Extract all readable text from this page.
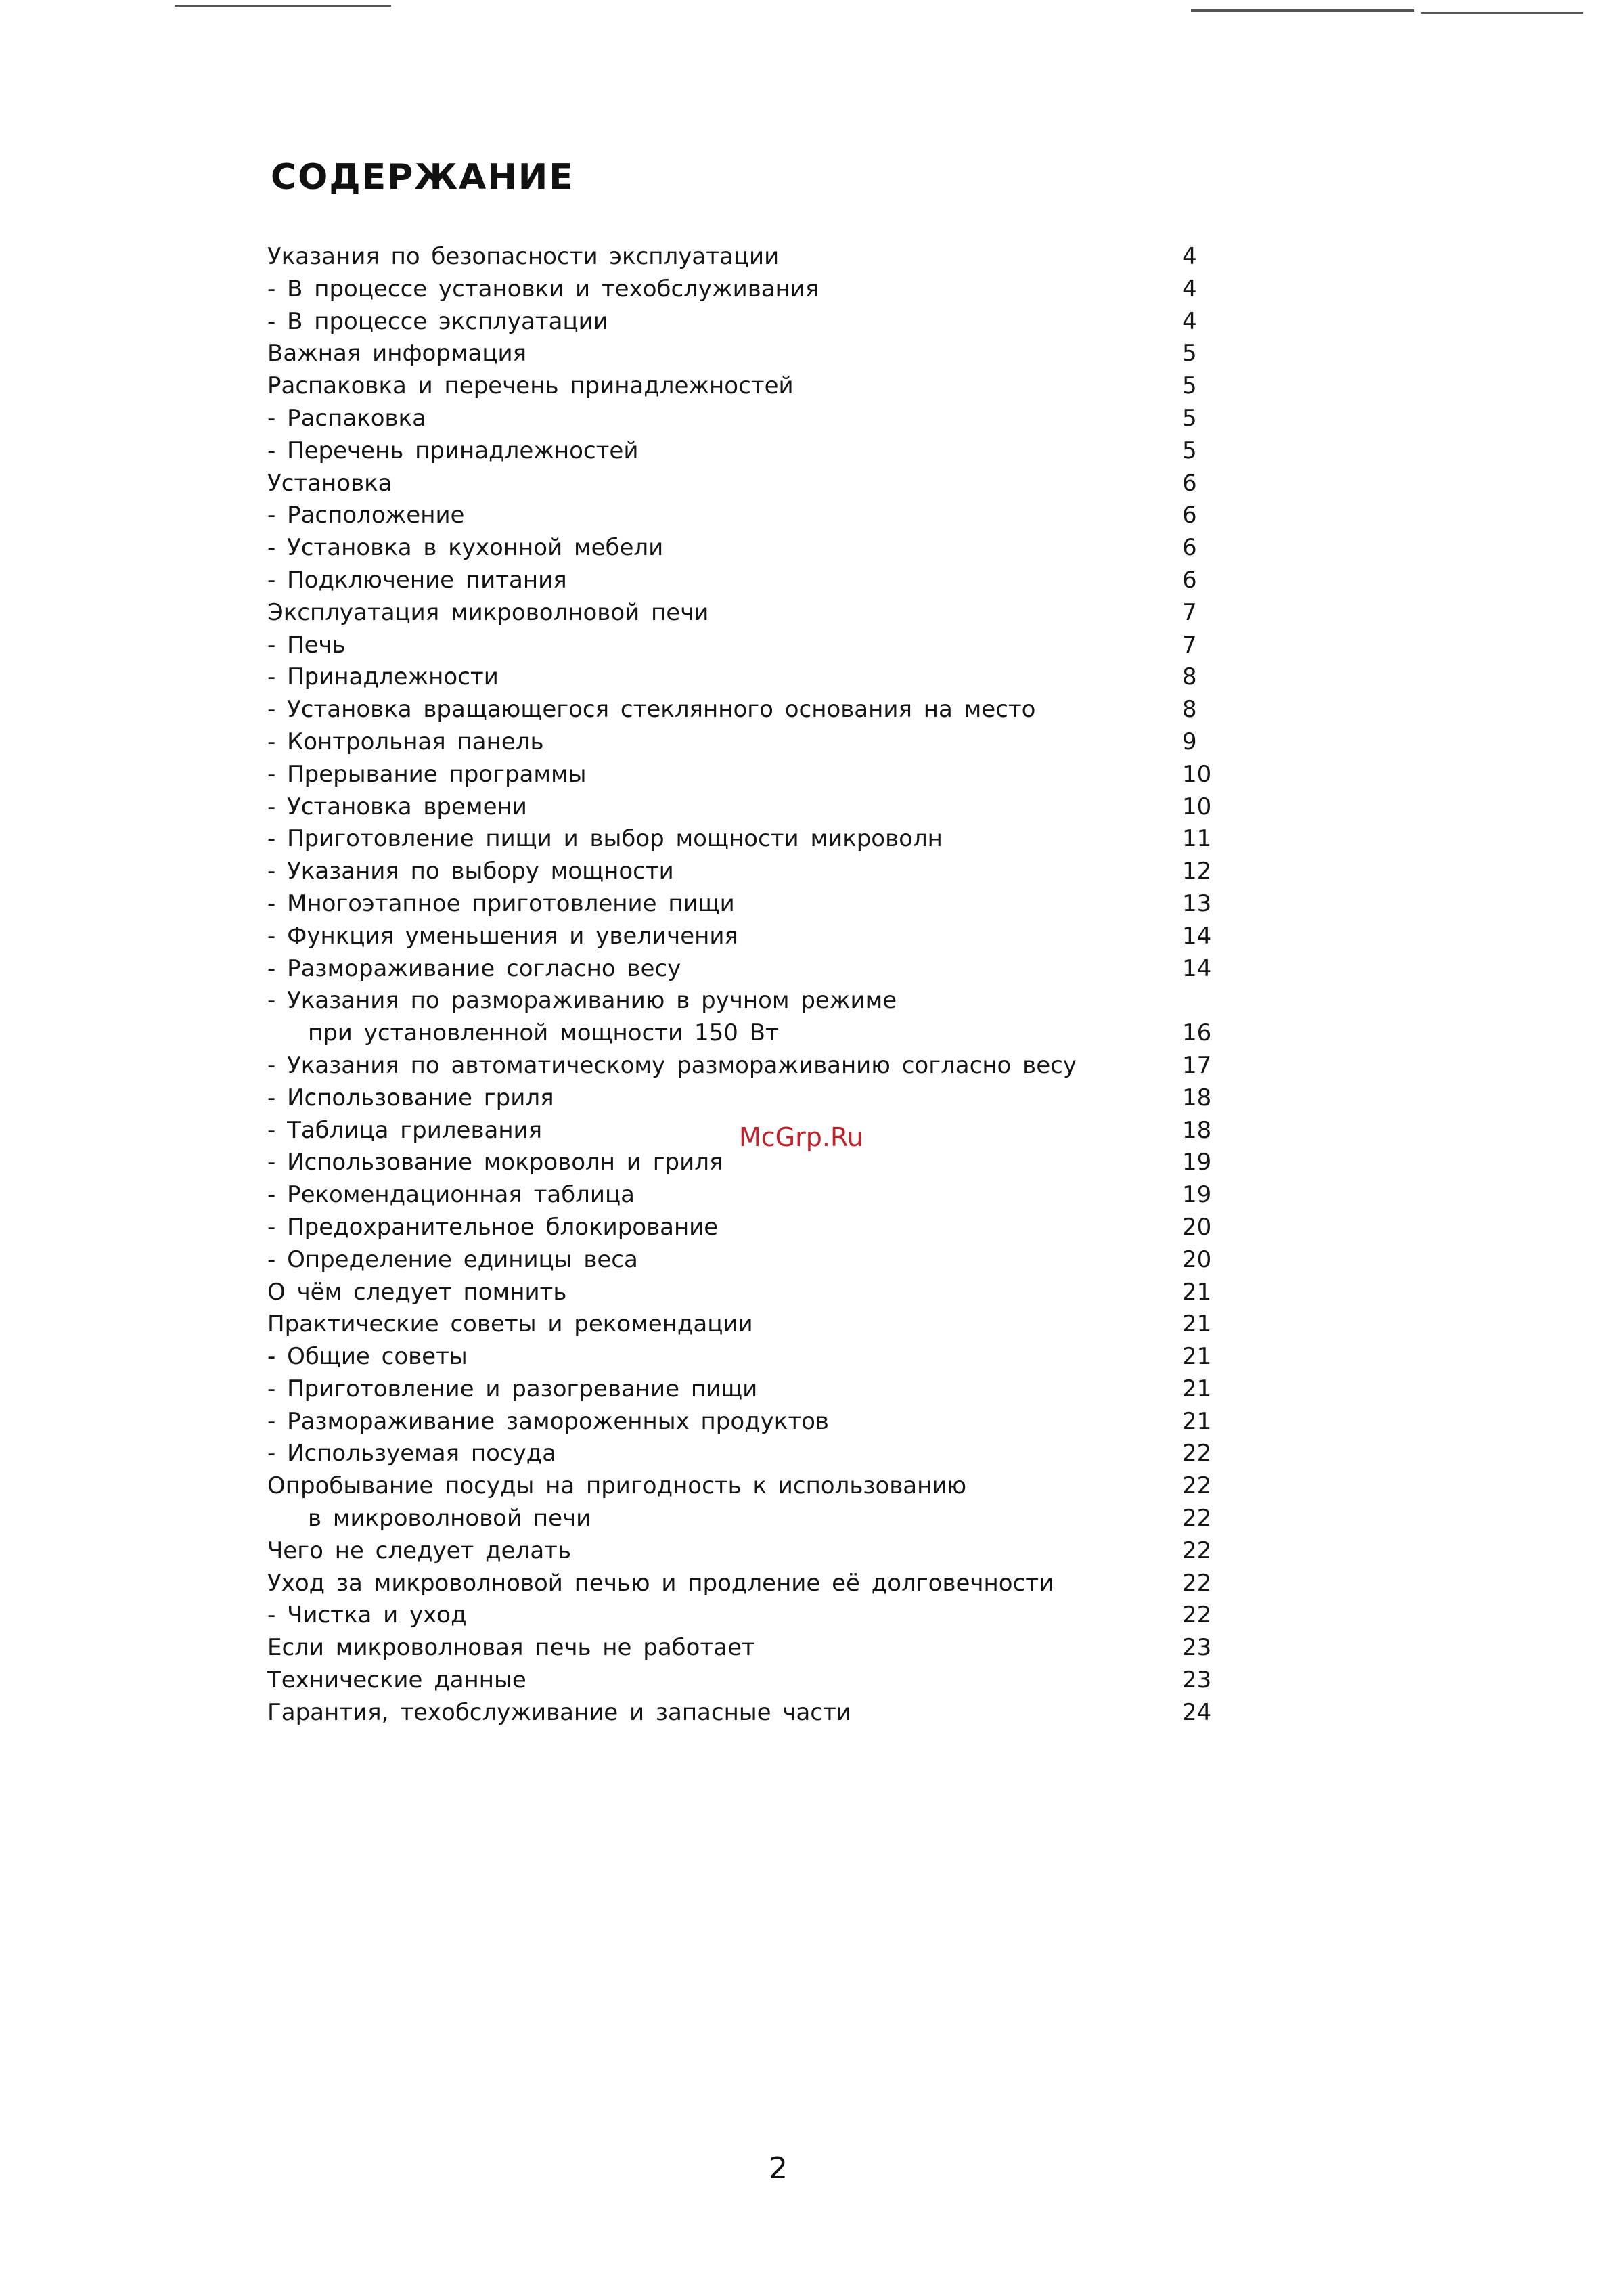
СОДЕРЖАНИЕ
Указания по безопасности эксплуатации	4
- В процессе установки и техобслуживания	4
- В процессе эксплуатации	4
Важная информация	5
Распаковка и перечень принадлежностей	5
- Распаковка	5
- Перечень принадлежностей	5
Установка	6
- Расположение	6
- Установка в кухонной мебели	6
- Подключение питания	6
Эксплуатация микроволновой печи	7
- Печь	7
- Принадлежности	8
- Установка вращающегося стеклянного основания на место	8
- Контрольная панель	9
- Прерывание программы	10
- Установка времени	10
- Приготовление пищи и выбор мощности микроволн	11
- Указания по выбору мощности	12
- Многоэтапное приготовление пищи	13
- Функция уменьшения и увеличения	14
- Размораживание согласно весу	14
- Указания по размораживанию в ручном режиме
при установленной мощности 150 Вт	16
- Указания по автоматическому размораживанию согласно весу	17
- Использование гриля	18
- Таблица грилевания	18
- Использование мокроволн и гриля	19
- Рекомендационная таблица	19
- Предохранительное блокирование	20
- Определение единицы веса	20
О чём следует помнить	21
Практические советы и рекомендации	21
- Общие советы	21
- Приготовление и разогревание пищи	21
- Размораживание замороженных продуктов	21
- Используемая посуда	22
Опробывание посуды на пригодность к использованию	22
в микроволновой печи	22
Чего не следует делать	22
Уход за микроволновой печью и продление её долговечности	22
- Чистка и уход	22
Если микроволновая печь не работает	23
Технические данные	23
Гарантия, техобслуживание и запасные части	24
McGrp.Ru
2
